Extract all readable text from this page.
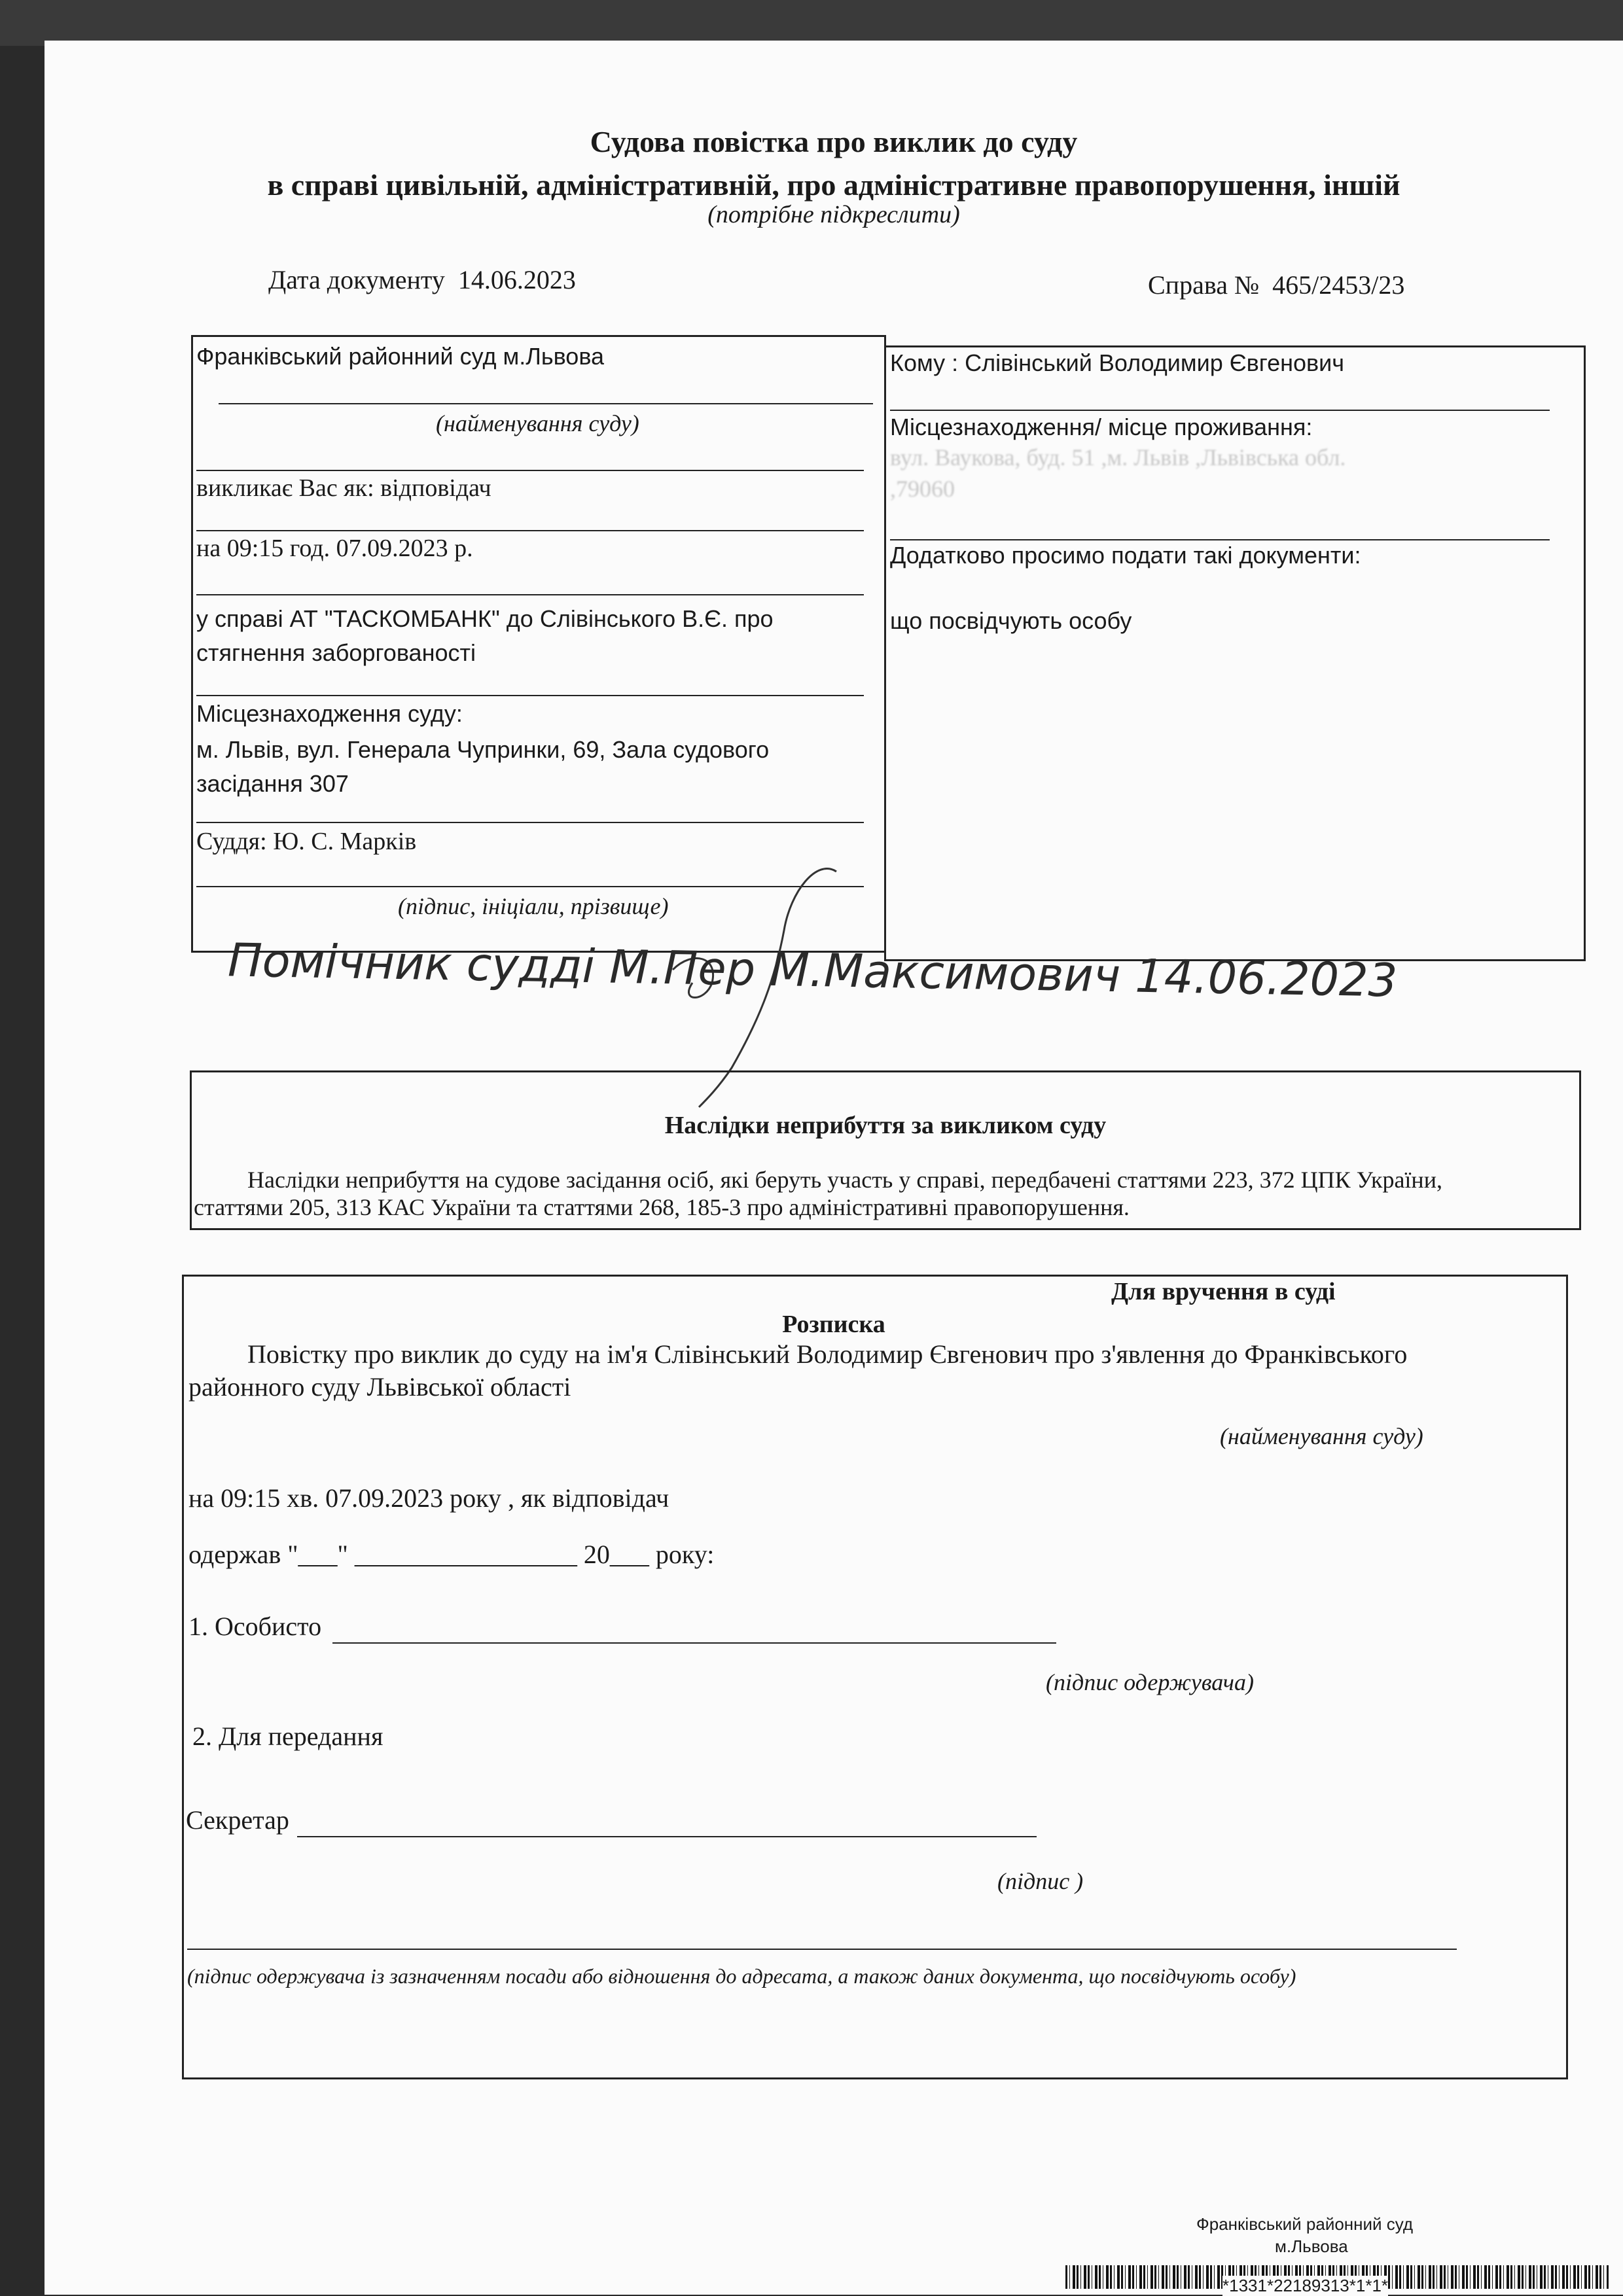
Судова повістка про виклик до суду
в справі цивільній, адміністративній, про адміністративне правопорушення, іншій
(потрібне підкреслити)
Дата документу 14.06.2023	Справа № 465/2453/23
Франківський районний суд м.Львова
(найменування суду)
викликає Вас як: відповідач
на 09:15 год. 07.09.2023 р.
у справі АТ "ТАСКОМБАНК" до Слівінського В.Є. про стягнення заборгованості
Місцезнаходження суду:
м. Львів, вул. Генерала Чупринки, 69, Зала судового засідання 307
Суддя: Ю. С. Марків
(підпис, ініціали, прізвище)
Кому : Слівінський Володимир Євгенович
Місцезнаходження/ місце проживання:
вул. Ваукова, буд. 51 ,м. Львів ,Львівська обл.
,79060
Додатково просимо подати такі документи:
що посвідчують особу
Помічник судді М.Пер М.Максимович 14.06.2023
Наслідки неприбуття за викликом суду
Наслідки неприбуття на судове засідання осіб, які беруть участь у справі, передбачені статтями 223, 372 ЦПК України,
статтями 205, 313 КАС України та статтями 268, 185-3 про адміністративні правопорушення.
Для вручення в суді
Розписка
Повістку про виклик до суду на ім'я Слівінський Володимир Євгенович про з'явлення до Франківського
районного суду Львівської області
(найменування суду)
на 09:15 хв. 07.09.2023 року , як відповідач
одержав "___" _________________ 20___ року:
1. Особисто
(підпис одержувача)
2. Для передання
Секретар
(підпис )
(підпис одержувача із зазначенням посади або відношення до адресата, а також даних документа, що посвідчують особу)
Франківський районний суд
м.Львова
*1331*22189313*1*1*
